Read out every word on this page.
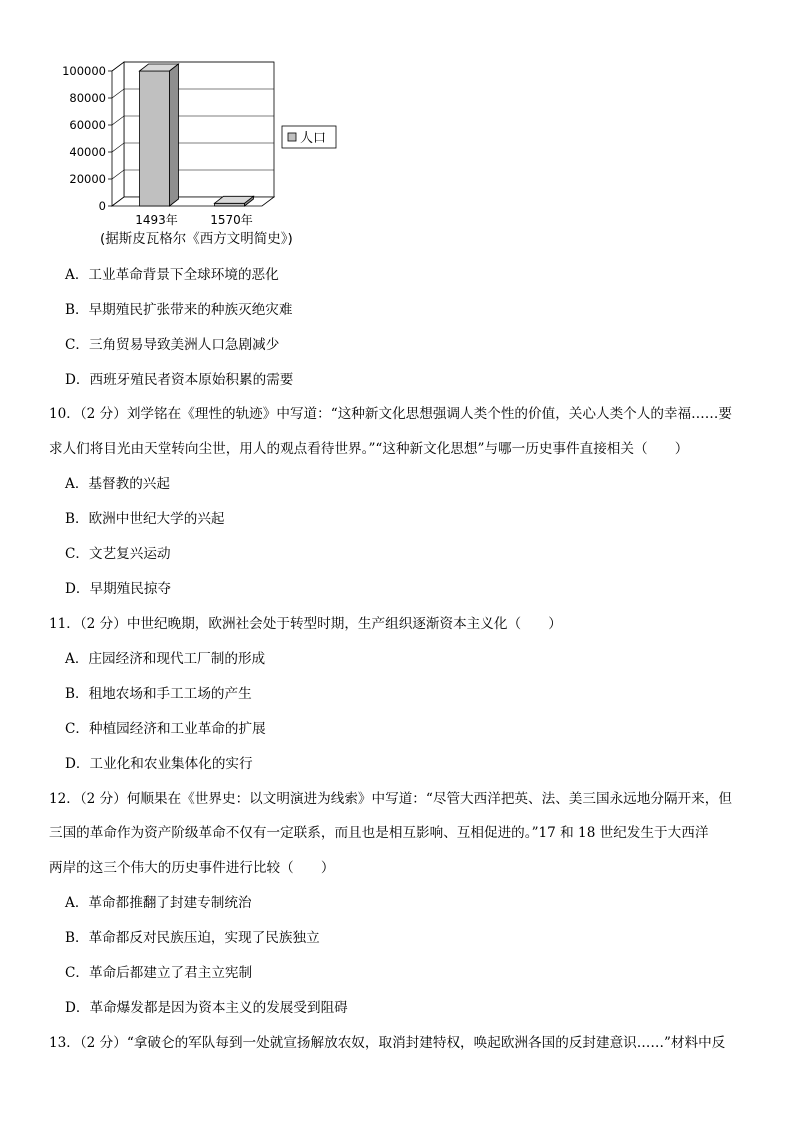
100000
80000
60000
40000
20000
0
1493年	1570年
人口
(据斯皮瓦格尔《西方文明简史》)
A．工业革命背景下全球环境的恶化
B．早期殖民扩张带来的种族灭绝灾难
C．三角贸易导致美洲人口急剧减少
D．西班牙殖民者资本原始积累的需要
10．（2 分）刘学铭在《理性的轨迹》中写道：“这种新文化思想强调人类个性的价值，关心人类个人的幸福……要
求人们将目光由天堂转向尘世，用人的观点看待世界。”“这种新文化思想”与哪一历史事件直接相关（　　）
A．基督教的兴起
B．欧洲中世纪大学的兴起
C．文艺复兴运动
D．早期殖民掠夺
11．（2 分）中世纪晚期，欧洲社会处于转型时期，生产组织逐渐资本主义化（　　）
A．庄园经济和现代工厂制的形成
B．租地农场和手工工场的产生
C．种植园经济和工业革命的扩展
D．工业化和农业集体化的实行
12．（2 分）何顺果在《世界史：以文明演进为线索》中写道：“尽管大西洋把英、法、美三国永远地分隔开来，但
三国的革命作为资产阶级革命不仅有一定联系，而且也是相互影响、互相促进的。”17 和 18 世纪发生于大西洋
两岸的这三个伟大的历史事件进行比较（　　）
A．革命都推翻了封建专制统治
B．革命都反对民族压迫，实现了民族独立
C．革命后都建立了君主立宪制
D．革命爆发都是因为资本主义的发展受到阻碍
13．（2 分）“拿破仑的军队每到一处就宣扬解放农奴，取消封建特权，唤起欧洲各国的反封建意识……”材料中反
